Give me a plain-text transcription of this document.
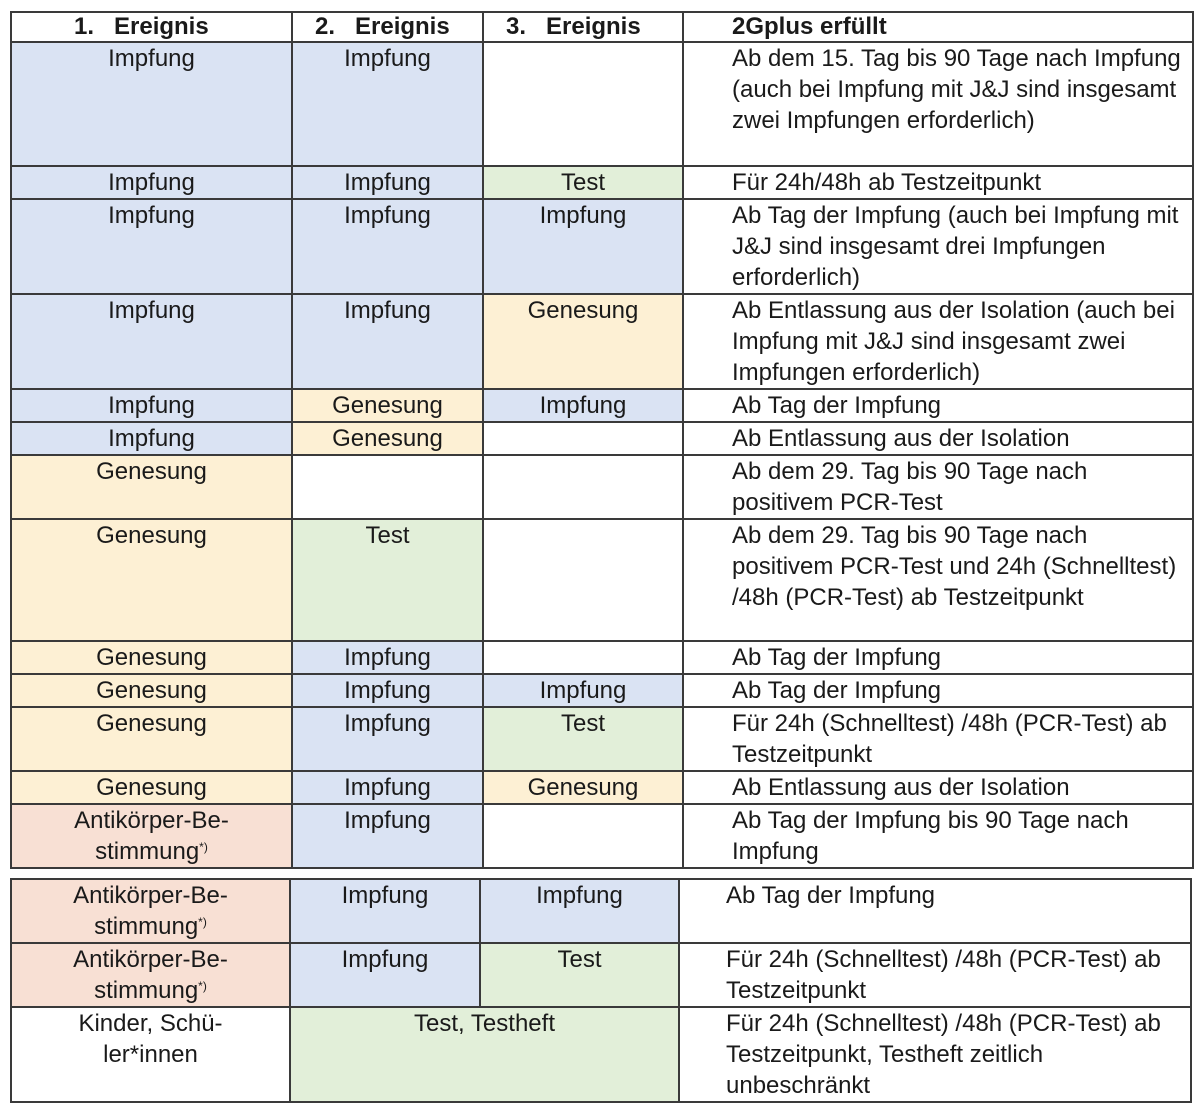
1. Ereignis	2. Ereignis	3. Ereignis	2Gplus erfüllt
Impfung	Impfung		Ab dem 15. Tag bis 90 Tage nach Impfung (auch bei Impfung mit J&J sind insgesamt zwei Impfungen erforderlich)
Impfung	Impfung	Test	Für 24h/48h ab Testzeitpunkt
Impfung	Impfung	Impfung	Ab Tag der Impfung (auch bei Impfung mit J&J sind insgesamt drei Impfungen erforderlich)
Impfung	Impfung	Genesung	Ab Entlassung aus der Isolation (auch bei Impfung mit J&J sind insgesamt zwei Impfungen erforderlich)
Impfung	Genesung	Impfung	Ab Tag der Impfung
Impfung	Genesung		Ab Entlassung aus der Isolation
Genesung			Ab dem 29. Tag bis 90 Tage nach positivem PCR-Test
Genesung	Test		Ab dem 29. Tag bis 90 Tage nach positivem PCR-Test und 24h (Schnelltest) /48h (PCR-Test) ab Testzeitpunkt
Genesung	Impfung		Ab Tag der Impfung
Genesung	Impfung	Impfung	Ab Tag der Impfung
Genesung	Impfung	Test	Für 24h (Schnelltest) /48h (PCR-Test) ab Testzeitpunkt
Genesung	Impfung	Genesung	Ab Entlassung aus der Isolation
Antikörper-Be-
stimmung*)	Impfung		Ab Tag der Impfung bis 90 Tage nach Impfung
Antikörper-Be-
stimmung*)	Impfung	Impfung	Ab Tag der Impfung
Antikörper-Be-
stimmung*)	Impfung	Test	Für 24h (Schnelltest) /48h (PCR-Test) ab Testzeitpunkt
Kinder, Schü-
ler*innen	Test, Testheft		Für 24h (Schnelltest) /48h (PCR-Test) ab Testzeitpunkt, Testheft zeitlich unbeschränkt
